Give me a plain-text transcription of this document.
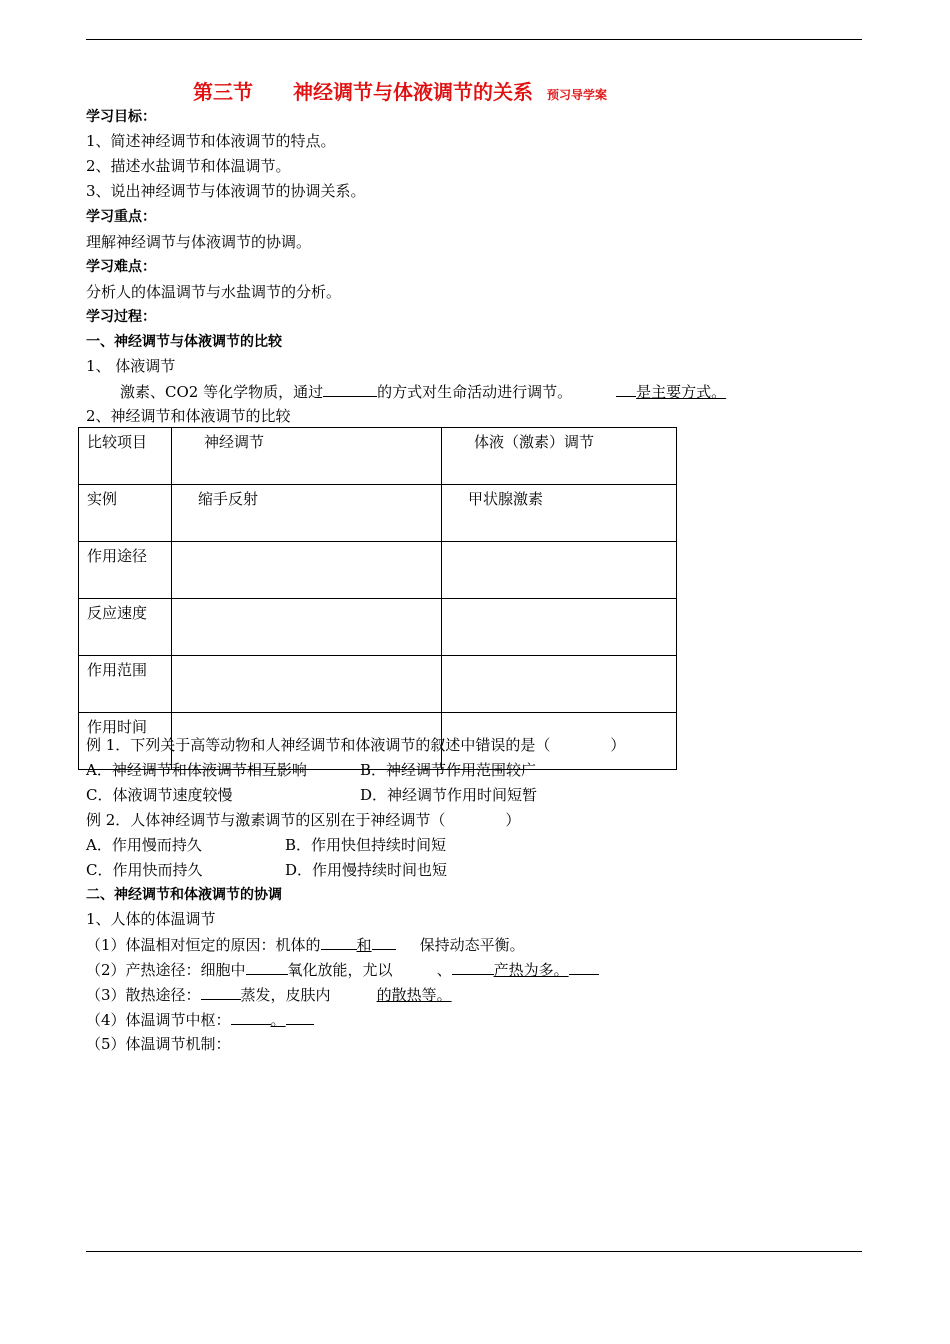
第三节 神经调节与体液调节的关系 预习导学案
学习目标：
1、简述神经调节和体液调节的特点。
2、描述水盐调节和体温调节。
3、说出神经调节与体液调节的协调关系。
学习重点：
理解神经调节与体液调节的协调。
学习难点：
分析人的体温调节与水盐调节的分析。
学习过程：
一、神经调节与体液调节的比较
1、 体液调节
激素、CO2 等化学物质，通过	的方式对生命活动进行调节。	是主要方式。
2、神经调节和体液调节的比较
比较项目	神经调节	体液（激素）调节
实例	缩手反射	甲状腺激素
作用途径		
反应速度		
作用范围		
作用时间		
例 1．下列关于高等动物和人神经调节和体液调节的叙述中错误的是（　　　　）
A．神经调节和体液调节相互影响	B．神经调节作用范围较广
C．体液调节速度较慢	D．神经调节作用时间短暂
例 2．人体神经调节与激素调节的区别在于神经调节（　　　　）
A．作用慢而持久	B．作用快但持续时间短
C．作用快而持久	D．作用慢持续时间也短
二、神经调节和体液调节的协调
1、人体的体温调节
（1）体温相对恒定的原因：机体的 和	保持动态平衡。
（2）产热途径：细胞中	氧化放能，尤以	、	产热为多。
（3）散热途径：	蒸发，皮肤内	的散热等。
（4）体温调节中枢：	。
（5）体温调节机制：
